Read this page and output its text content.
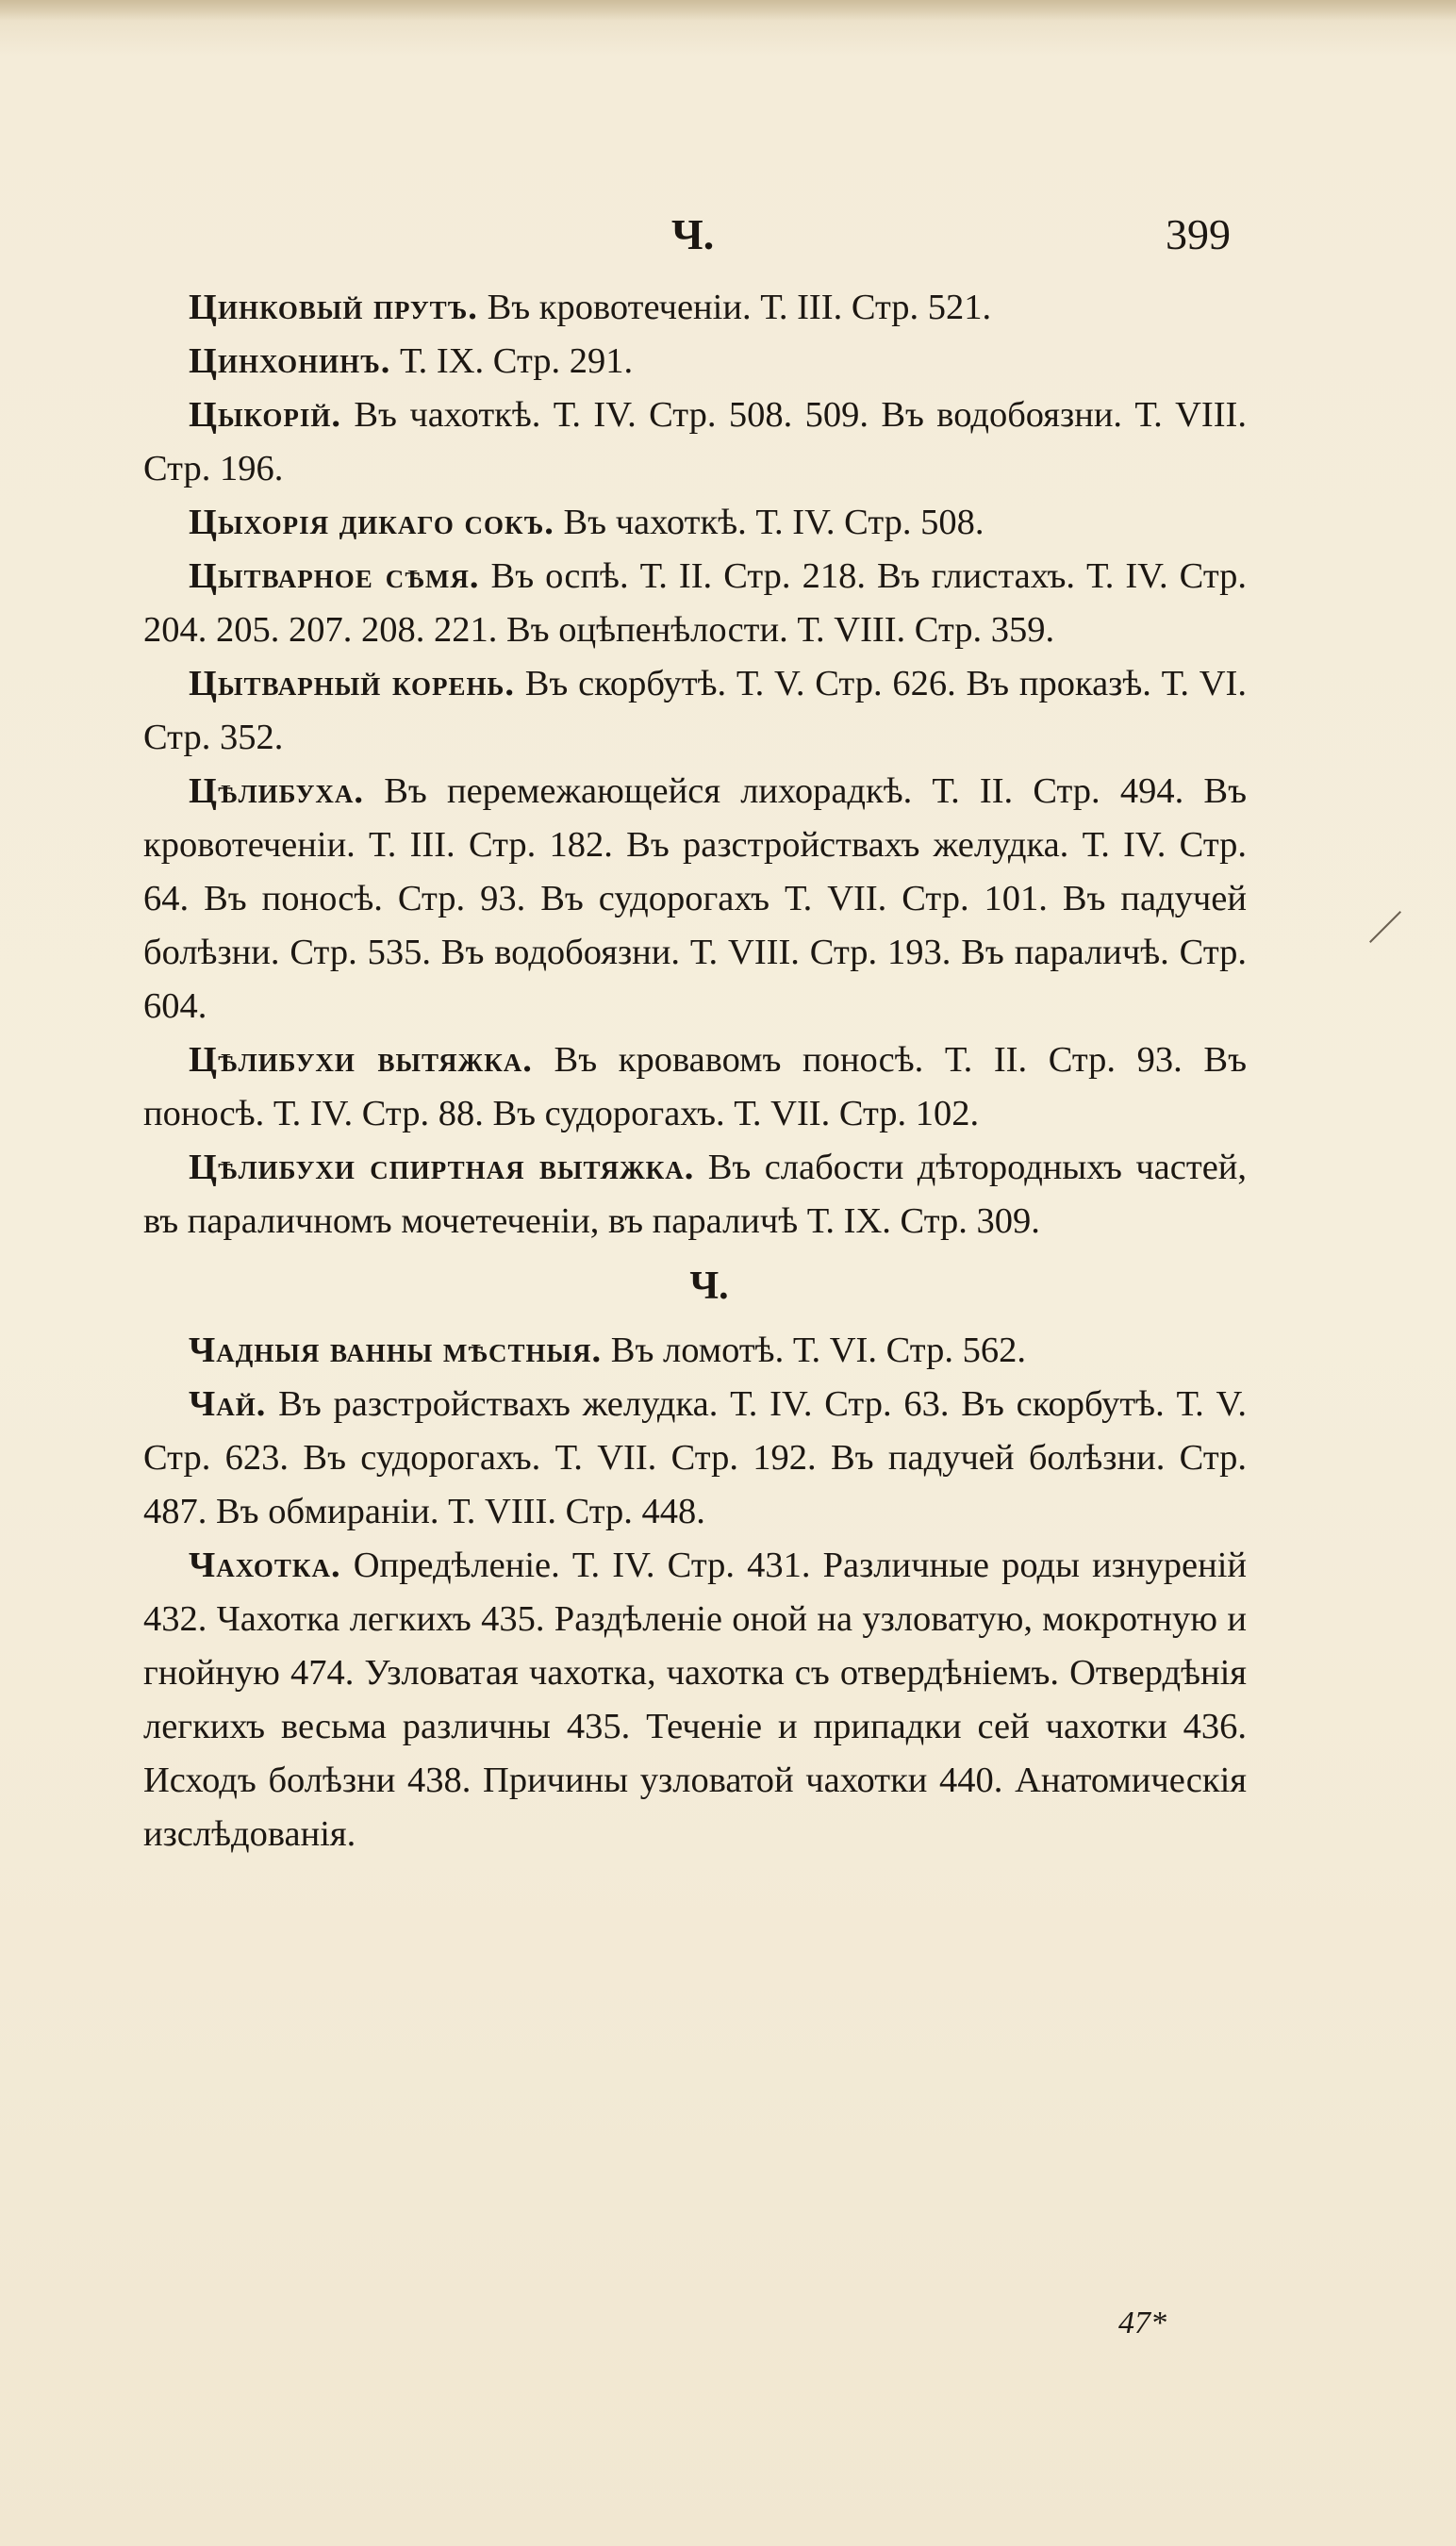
Ч.	399

Цинковый прутъ. Въ кровотеченіи. Т. III. Стр. 521.

Цинхонинъ. Т. IX. Стр. 291.

Цыкорій. Въ чахоткѣ. Т. IV. Стр. 508. 509. Въ водобоязни. Т. VIII. Стр. 196.

Цыхорія дикаго сокъ. Въ чахоткѣ. Т. IV. Стр. 508.

Цытварное сѣмя. Въ оспѣ. Т. II. Стр. 218. Въ глистахъ. Т. IV. Стр. 204. 205. 207. 208. 221. Въ оцѣпенѣлости. Т. VIII. Стр. 359.

Цытварный корень. Въ скорбутѣ. Т. V. Стр. 626. Въ проказѣ. Т. VI. Стр. 352.

Цѣлибуха. Въ перемежающейся лихорадкѣ. Т. II. Стр. 494. Въ кровотеченіи. Т. III. Стр. 182. Въ разстройствахъ желудка. Т. IV. Стр. 64. Въ поносѣ. Стр. 93. Въ судорогахъ Т. VII. Стр. 101. Въ падучей болѣзни. Стр. 535. Въ водобоязни. Т. VIII. Стр. 193. Въ параличѣ. Стр. 604.

Цѣлибухи вытяжка. Въ кровавомъ поносѣ. Т. II. Стр. 93. Въ поносѣ. Т. IV. Стр. 88. Въ судорогахъ. Т. VII. Стр. 102.

Цѣлибухи спиртная вытяжка. Въ слабости дѣтородныхъ частей, въ параличномъ мочетеченіи, въ параличѣ Т. IX. Стр. 309.

Ч.

Чадныя ванны мѣстныя. Въ ломотѣ. Т. VI. Стр. 562.

Чай. Въ разстройствахъ желудка. Т. IV. Стр. 63. Въ скорбутѣ. Т. V. Стр. 623. Въ судорогахъ. Т. VII. Стр. 192. Въ падучей болѣзни. Стр. 487. Въ обмираніи. Т. VIII. Стр. 448.

Чахотка. Опредѣленіе. Т. IV. Стр. 431. Различные роды изнуреній 432. Чахотка легкихъ 435. Раздѣленіе оной на узловатую, мокротную и гнойную 474. Узловатая чахотка, чахотка съ отвердѣніемъ. Отвердѣнія легкихъ весьма различны 435. Теченіе и припадки сей чахотки 436. Исходъ болѣзни 438. Причины узловатой чахотки 440. Анатомическія изслѣдованія.

47*
